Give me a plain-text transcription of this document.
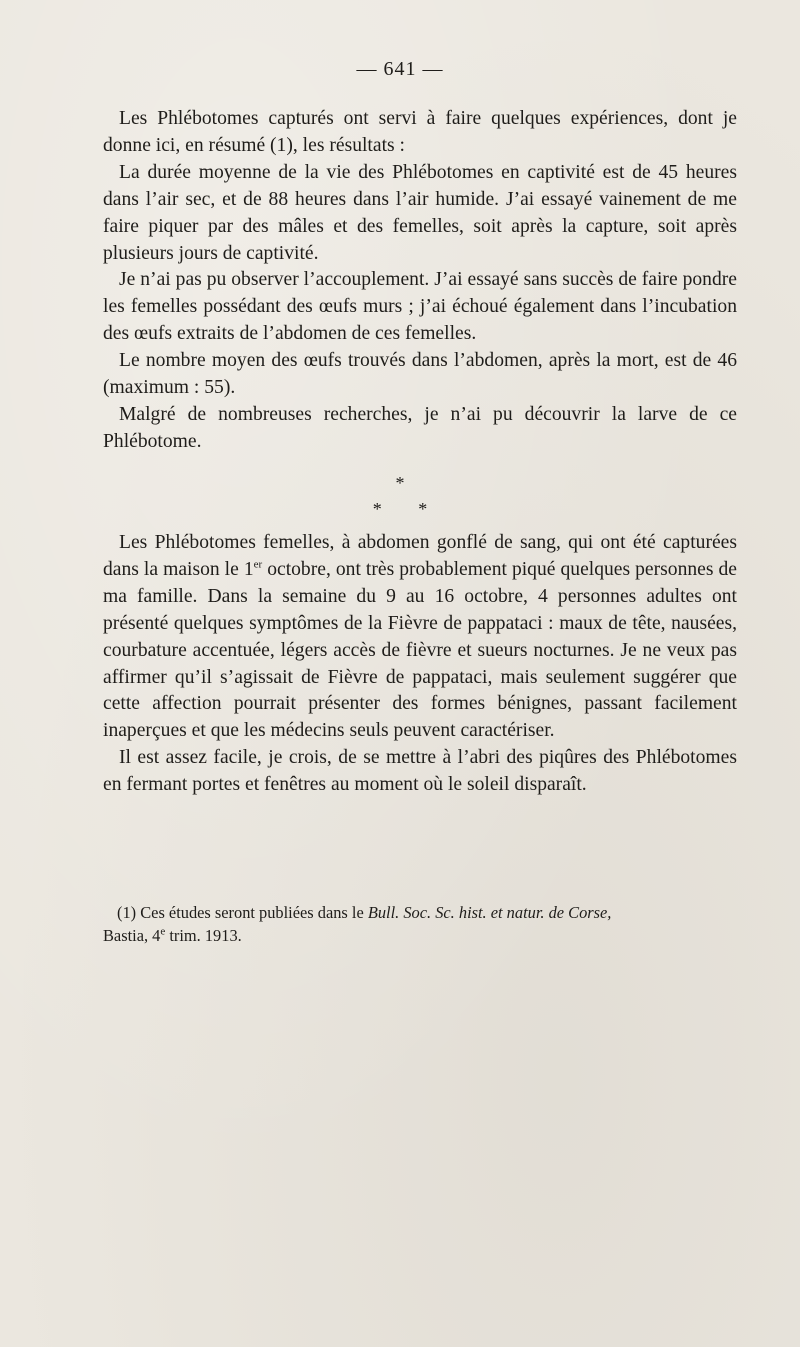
— 641 —

Les Phlébotomes capturés ont servi à faire quelques expériences, dont je donne ici, en résumé (1), les résultats :

La durée moyenne de la vie des Phlébotomes en captivité est de 45 heures dans l’air sec, et de 88 heures dans l’air humide. J’ai essayé vainement de me faire piquer par des mâles et des femelles, soit après la capture, soit après plusieurs jours de captivité.

Je n’ai pas pu observer l’accouplement. J’ai essayé sans succès de faire pondre les femelles possédant des œufs murs ; j’ai échoué également dans l’incubation des œufs extraits de l’abdomen de ces femelles.

Le nombre moyen des œufs trouvés dans l’abdomen, après la mort, est de 46 (maximum : 55).

Malgré de nombreuses recherches, je n’ai pu découvrir la larve de ce Phlébotome.

*
* *

Les Phlébotomes femelles, à abdomen gonflé de sang, qui ont été capturées dans la maison le 1er octobre, ont très probablement piqué quelques personnes de ma famille. Dans la semaine du 9 au 16 octobre, 4 personnes adultes ont présenté quelques symptômes de la Fièvre de pappataci : maux de tête, nausées, courbature accentuée, légers accès de fièvre et sueurs nocturnes. Je ne veux pas affirmer qu’il s’agissait de Fièvre de pappataci, mais seulement suggérer que cette affection pourrait présenter des formes bénignes, passant facilement inaperçues et que les médecins seuls peuvent caractériser.

Il est assez facile, je crois, de se mettre à l’abri des piqûres des Phlébotomes en fermant portes et fenêtres au moment où le soleil disparaît.

(1) Ces études seront publiées dans le Bull. Soc. Sc. hist. et natur. de Corse,
Bastia, 4e trim. 1913.
